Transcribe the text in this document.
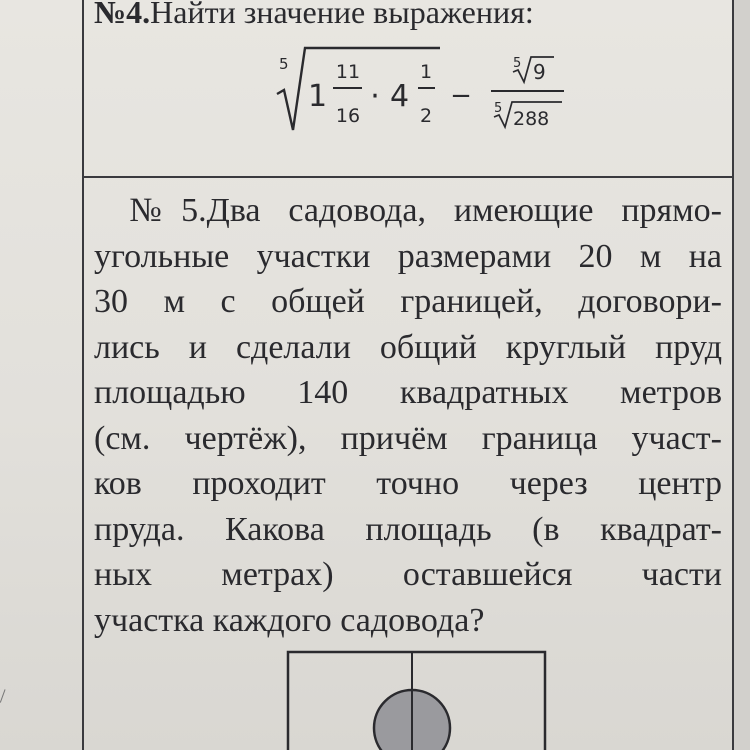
№4.Найти значение выражения:
5
1
11
16
· 4
1
2
−
5 9
5 288
№5.Два садовода, имеющие прямо-
угольные участки размерами 20 м на
30 м с общей границей, договори-
лись и сделали общий круглый пруд
площадью 140 квадратных метров
(см. чертёж), причём граница участ-
ков проходит точно через центр
пруда. Какова площадь (в квадрат-
ных метрах) оставшейся части
участка каждого садовода?
